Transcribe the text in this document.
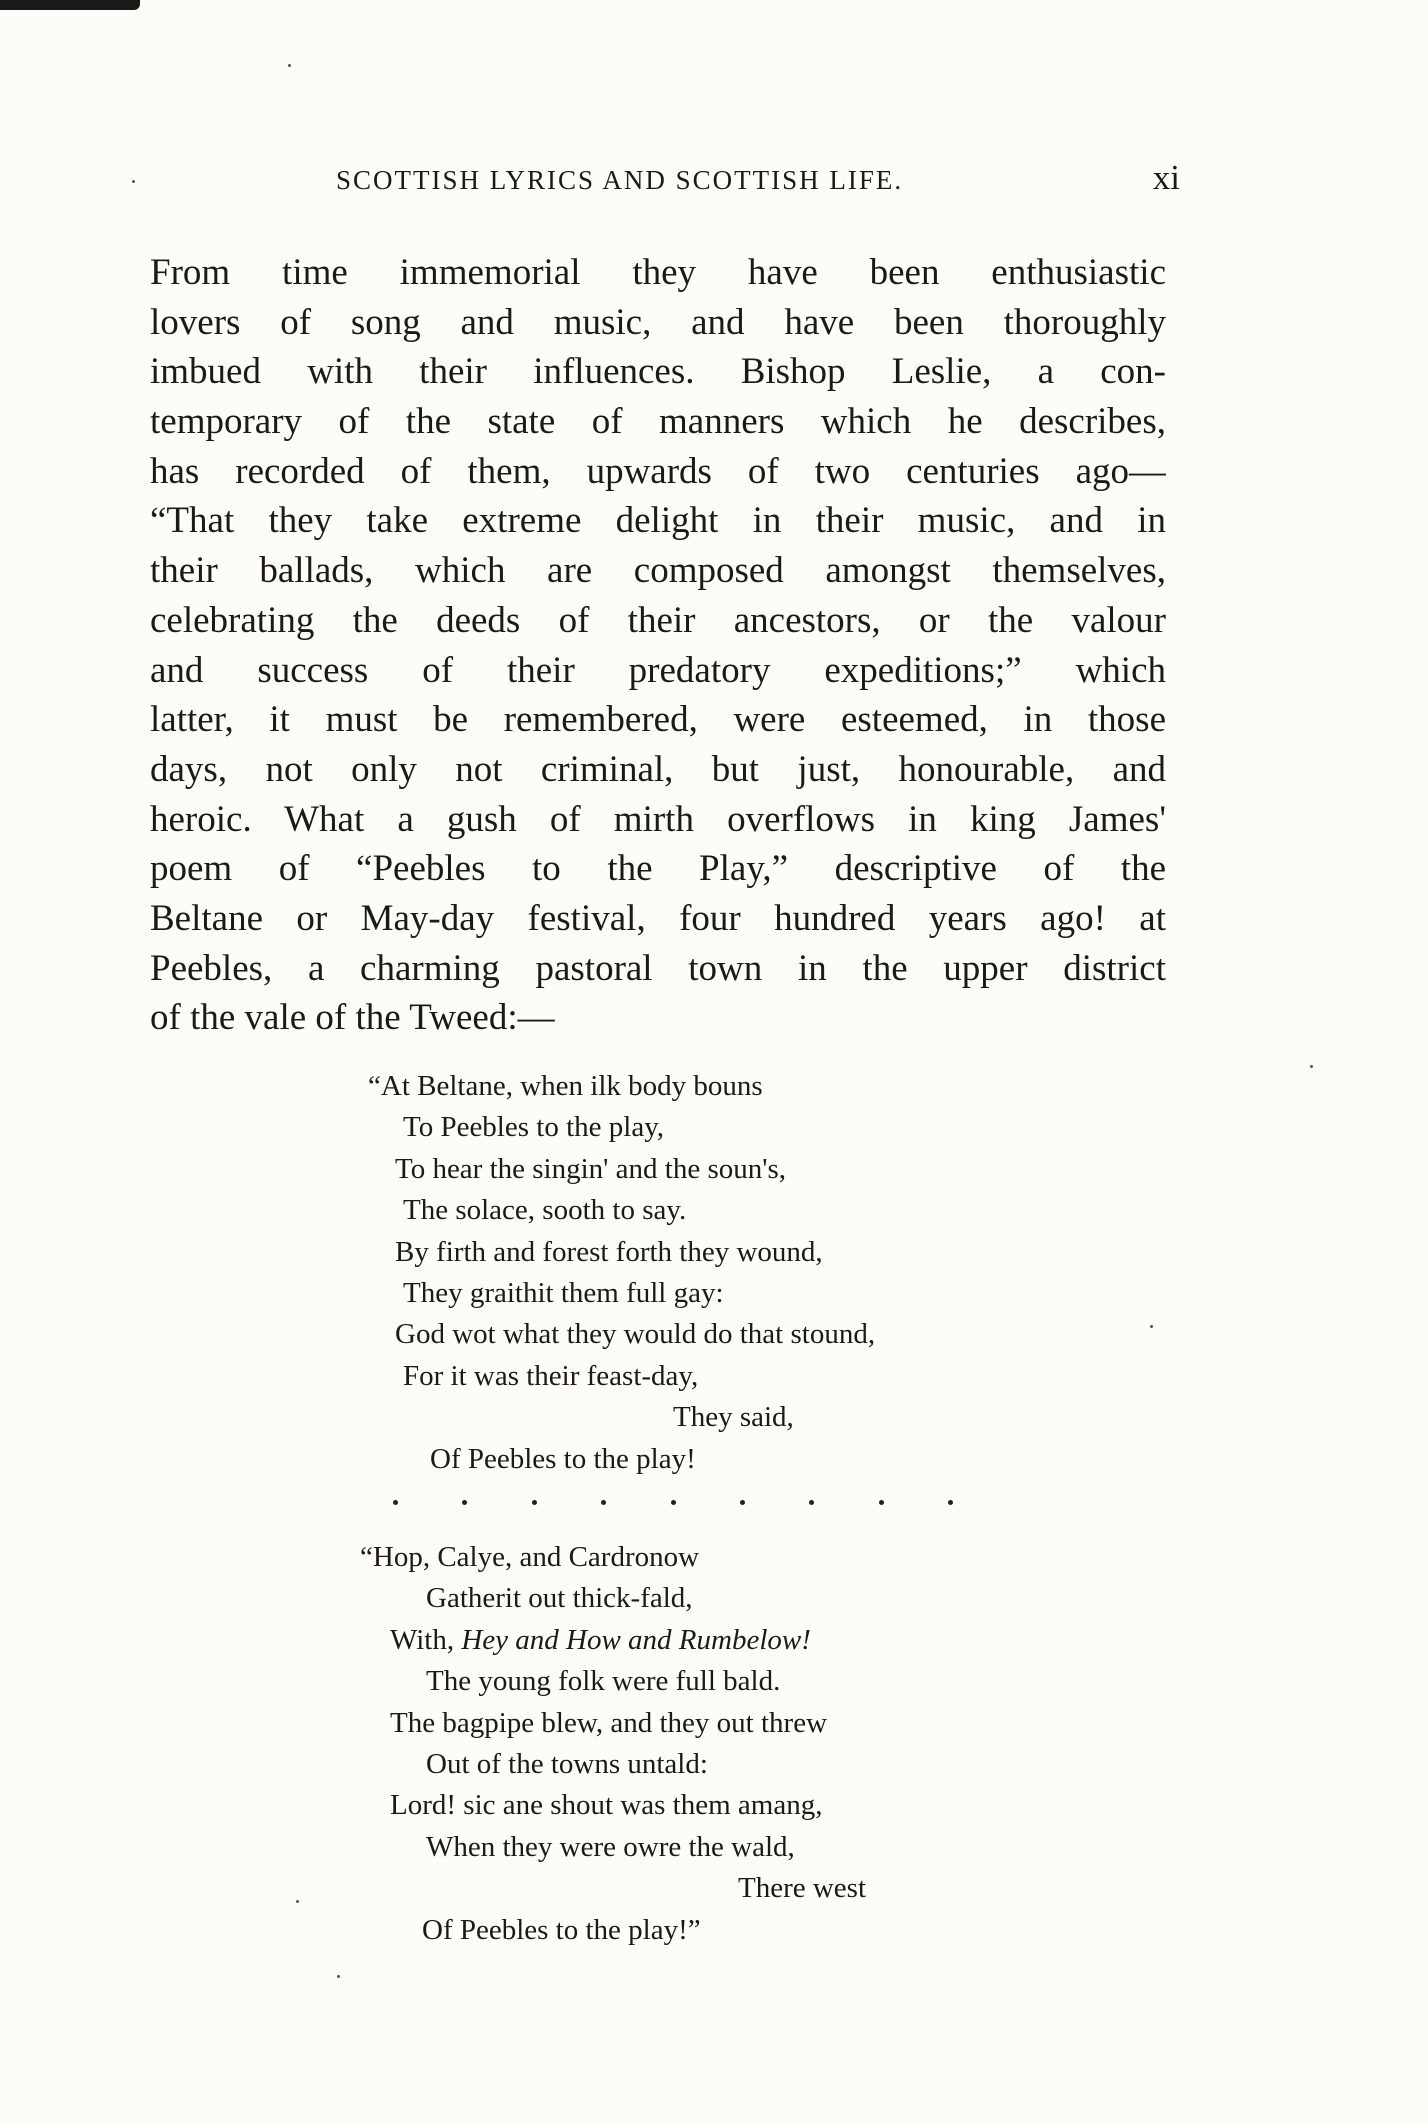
SCOTTISH LYRICS AND SCOTTISH LIFE.	xi
From time immemorial they have been enthusiastic
lovers of song and music, and have been thoroughly
imbued with their influences. Bishop Leslie, a con-
temporary of the state of manners which he describes,
has recorded of them, upwards of two centuries ago—
“That they take extreme delight in their music, and in
their ballads, which are composed amongst themselves,
celebrating the deeds of their ancestors, or the valour
and success of their predatory expeditions;” which
latter, it must be remembered, were esteemed, in those
days, not only not criminal, but just, honourable, and
heroic. What a gush of mirth overflows in king James'
poem of “Peebles to the Play,” descriptive of the
Beltane or May-day festival, four hundred years ago! at
Peebles, a charming pastoral town in the upper district
of the vale of the Tweed:—
“At Beltane, when ilk body bouns
To Peebles to the play,
To hear the singin' and the soun's,
The solace, sooth to say.
By firth and forest forth they wound,
They graithit them full gay:
God wot what they would do that stound,
For it was their feast-day,
They said,
Of Peebles to the play!
“Hop, Calye, and Cardronow
Gatherit out thick-fald,
With, Hey and How and Rumbelow!
The young folk were full bald.
The bagpipe blew, and they out threw
Out of the towns untald:
Lord! sic ane shout was them amang,
When they were owre the wald,
There west
Of Peebles to the play!”
